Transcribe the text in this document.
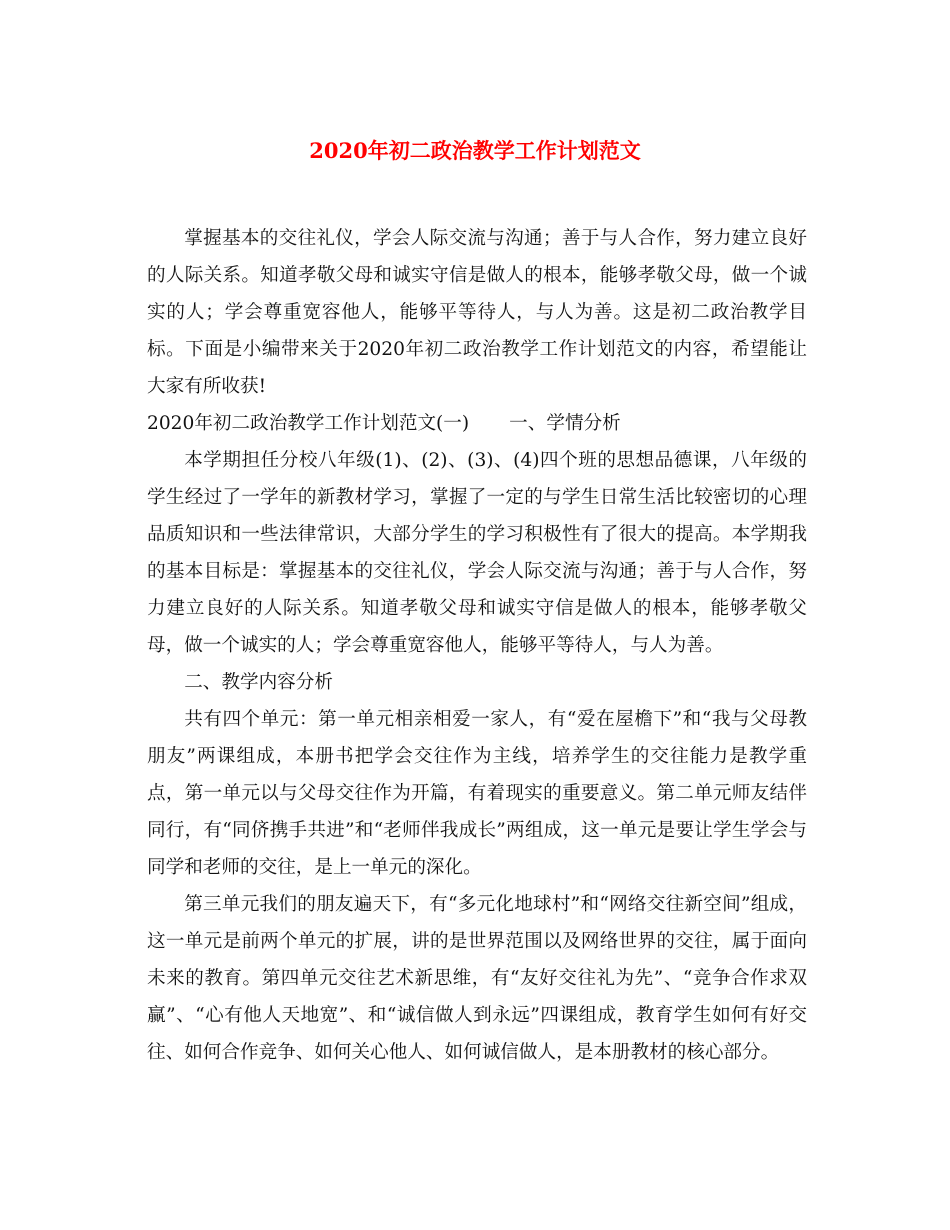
2020年初二政治教学工作计划范文

掌握基本的交往礼仪，学会人际交流与沟通；善于与人合作，努力建立良好的人际关系。知道孝敬父母和诚实守信是做人的根本，能够孝敬父母，做一个诚实的人；学会尊重宽容他人，能够平等待人，与人为善。这是初二政治教学目标。下面是小编带来关于2020年初二政治教学工作计划范文的内容，希望能让大家有所收获!

2020年初二政治教学工作计划范文(一) 一、学情分析

本学期担任分校八年级(1)、(2)、(3)、(4)四个班的思想品德课，八年级的学生经过了一学年的新教材学习，掌握了一定的与学生日常生活比较密切的心理品质知识和一些法律常识，大部分学生的学习积极性有了很大的提高。本学期我的基本目标是：掌握基本的交往礼仪，学会人际交流与沟通；善于与人合作，努力建立良好的人际关系。知道孝敬父母和诚实守信是做人的根本，能够孝敬父母，做一个诚实的人；学会尊重宽容他人，能够平等待人，与人为善。

二、教学内容分析

共有四个单元：第一单元相亲相爱一家人，有“爱在屋檐下”和“我与父母教朋友”两课组成，本册书把学会交往作为主线，培养学生的交往能力是教学重点，第一单元以与父母交往作为开篇，有着现实的重要意义。第二单元师友结伴同行，有“同侪携手共进”和“老师伴我成长”两组成，这一单元是要让学生学会与同学和老师的交往，是上一单元的深化。

第三单元我们的朋友遍天下，有“多元化地球村”和“网络交往新空间”组成，这一单元是前两个单元的扩展，讲的是世界范围以及网络世界的交往，属于面向未来的教育。第四单元交往艺术新思维，有“友好交往礼为先”、“竞争合作求双赢”、“心有他人天地宽”、和“诚信做人到永远”四课组成，教育学生如何有好交往、如何合作竞争、如何关心他人、如何诚信做人，是本册教材的核心部分。
